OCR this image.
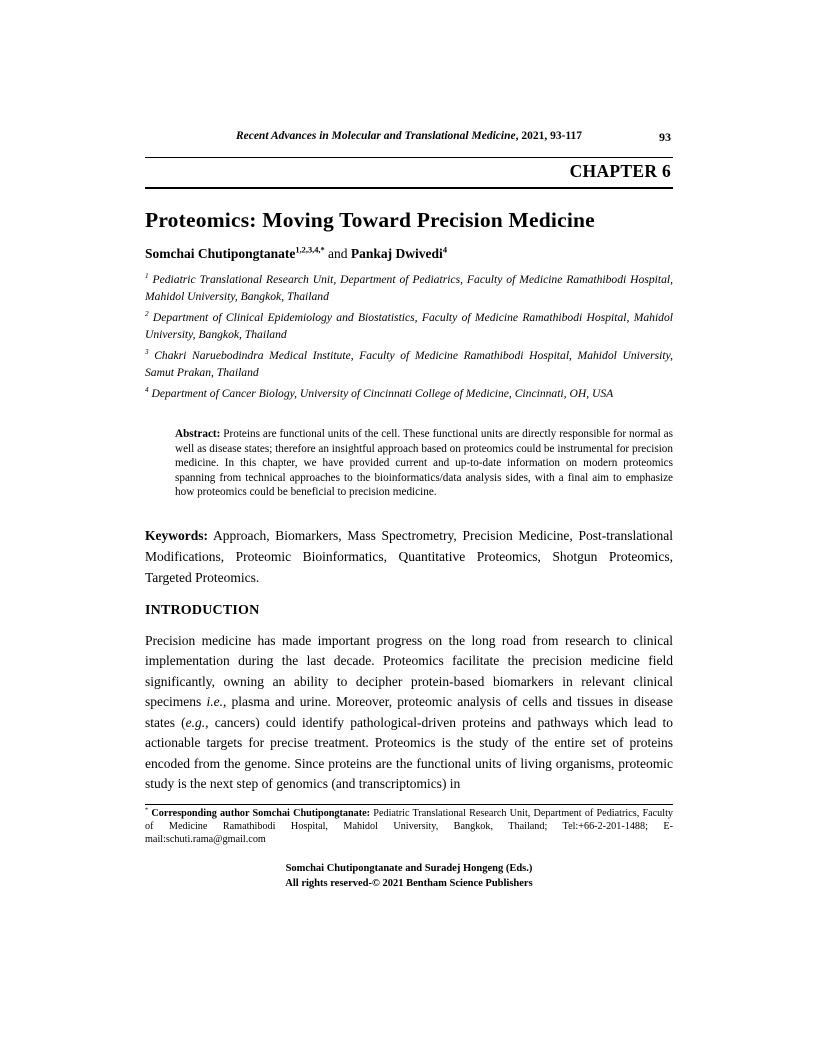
Recent Advances in Molecular and Translational Medicine, 2021, 93-117	93
CHAPTER 6
Proteomics: Moving Toward Precision Medicine
Somchai Chutipongtanate$^{1,2,3,4,*}$ and Pankaj Dwivedi$^4$

$^1$ Pediatric Translational Research Unit, Department of Pediatrics, Faculty of Medicine Ramathibodi Hospital, Mahidol University, Bangkok, Thailand

$^2$ Department of Clinical Epidemiology and Biostatistics, Faculty of Medicine Ramathibodi Hospital, Mahidol University, Bangkok, Thailand

$^3$ Chakri Naruebodindra Medical Institute, Faculty of Medicine Ramathibodi Hospital, Mahidol University, Samut Prakan, Thailand

$^4$ Department of Cancer Biology, University of Cincinnati College of Medicine, Cincinnati, OH, USA

Abstract: Proteins are functional units of the cell. These functional units are directly responsible for normal as well as disease states; therefore an insightful approach based on proteomics could be instrumental for precision medicine. In this chapter, we have provided current and up-to-date information on modern proteomics spanning from technical approaches to the bioinformatics/data analysis sides, with a final aim to emphasize how proteomics could be beneficial to precision medicine.

Keywords: Approach, Biomarkers, Mass Spectrometry, Precision Medicine, Post-translational Modifications, Proteomic Bioinformatics, Quantitative Proteomics, Shotgun Proteomics, Targeted Proteomics.

INTRODUCTION

Precision medicine has made important progress on the long road from research to clinical implementation during the last decade. Proteomics facilitate the precision medicine field significantly, owning an ability to decipher protein-based biomarkers in relevant clinical specimens i.e., plasma and urine. Moreover, proteomic analysis of cells and tissues in disease states (e.g., cancers) could identify pathological-driven proteins and pathways which lead to actionable targets for precise treatment. Proteomics is the study of the entire set of proteins encoded from the genome. Since proteins are the functional units of living organisms, proteomic study is the next step of genomics (and transcriptomics) in

* Corresponding author Somchai Chutipongtanate: Pediatric Translational Research Unit, Department of Pediatrics, Faculty of Medicine Ramathibodi Hospital, Mahidol University, Bangkok, Thailand; Tel:+66-2-201-1488; E-mail:schuti.rama@gmail.com

Somchai Chutipongtanate and Suradej Hongeng (Eds.)
All rights reserved-© 2021 Bentham Science Publishers
